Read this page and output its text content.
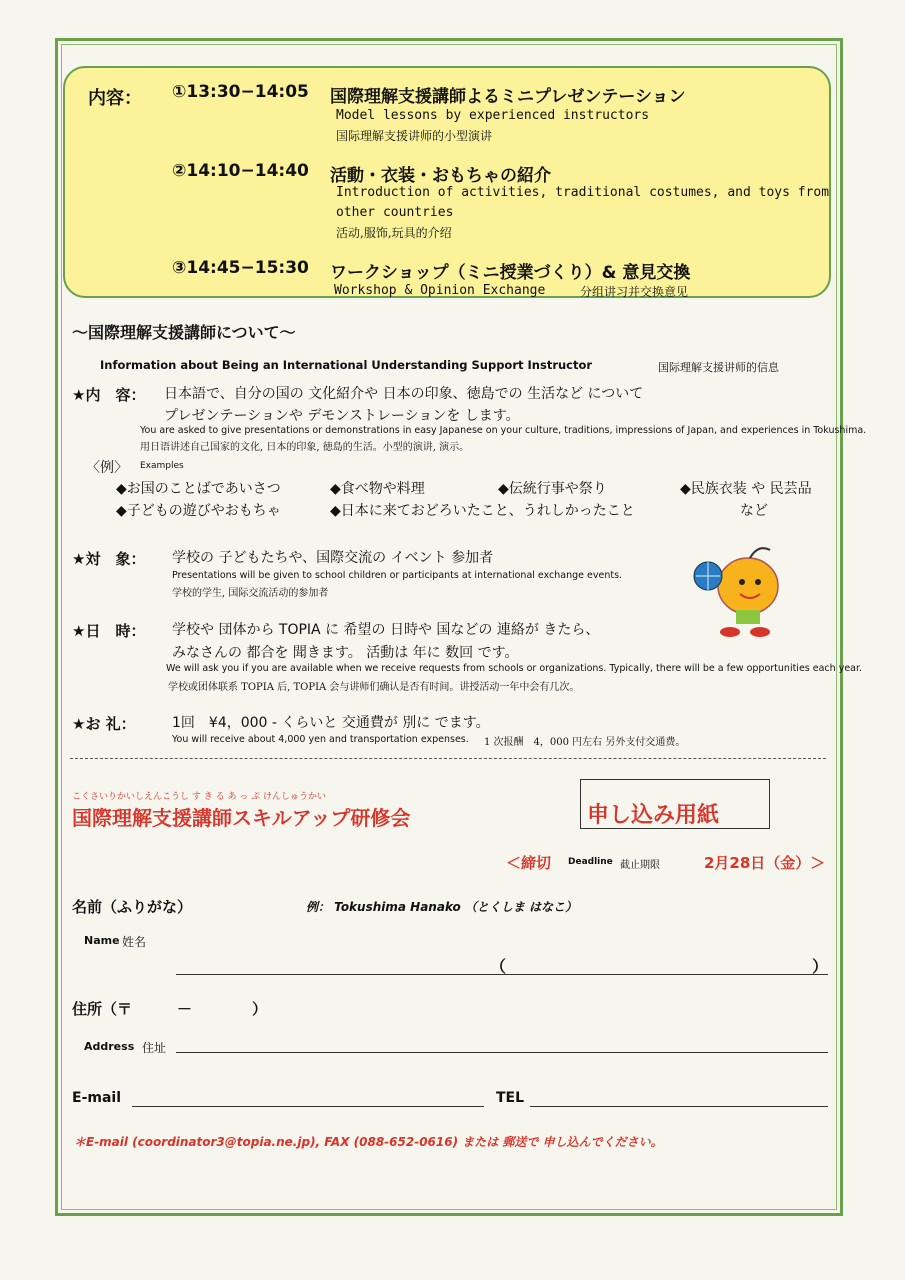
内容： ①13:30−14:05 国際理解支援講師よるミニプレゼンテーション
Model lessons by experienced instructors
国际理解支援讲师的小型演讲
②14:10−14:40 活動・衣装・おもちゃの紹介
Introduction of activities, traditional costumes, and toys from
other countries
活动,服饰,玩具的介绍
③14:45−15:30 ワークショップ（ミニ授業づくり）& 意見交換
Workshop & Opinion Exchange	分组讲习并交换意见
〜国際理解支援講師について〜
Information about Being an International Understanding Support Instructor	国际理解支援讲师的信息
★内　容： 日本語で、自分の国の 文化紹介や 日本の印象、徳島での 生活など について
プレゼンテーションや デモンストレーションを します。
You are asked to give presentations or demonstrations in easy Japanese on your culture, traditions, impressions of Japan, and experiences in Tokushima.
用日语讲述自己国家的文化, 日本的印象, 徳島的生活。小型的演讲, 演示。
〈例〉 Examples
◆お国のことばであいさつ	◆食べ物や料理	◆伝統行事や祭り	◆民族衣装 や 民芸品
◆子どもの遊びやおもちゃ	◆日本に来ておどろいたこと、うれしかったこと	など
★対　象： 学校の 子どもたちや、国際交流の イベント 参加者
Presentations will be given to school children or participants at international exchange events.
学校的学生, 国际交流活动的参加者
★日　時： 学校や 団体から TOPIA に 希望の 日時や 国などの 連絡が きたら、
みなさんの 都合を 聞きます。 活動は 年に 数回 です。
We will ask you if you are available when we receive requests from schools or organizations. Typically, there will be a few opportunities each year.
学校或团体联系 TOPIA 后, TOPIA 会与讲师们确认是否有时间。讲授活动一年中会有几次。
★お 礼：	1回　¥4，000 - くらいと 交通費が 別に でます。
You will receive about 4,000 yen and transportation expenses. 1 次报酬　4，000 円左右 另外支付交通费。
こくさいりかいしえんこうし す き る あ っ ぷ けんしゅうかい
国際理解支援講師スキルアップ研修会	申し込み用紙
＜締切 Deadline 截止期限	2月28日（金）＞
名前（ふりがな）	例： Tokushima Hanako （とくしま はなこ）
Name 姓名
（	）
住所（〒　　　－　　　　）
Address 住址
E-mail	TEL
＊E-mail (coordinator3@topia.ne.jp), FAX (088-652-0616) または 郵送で 申し込んでください。
